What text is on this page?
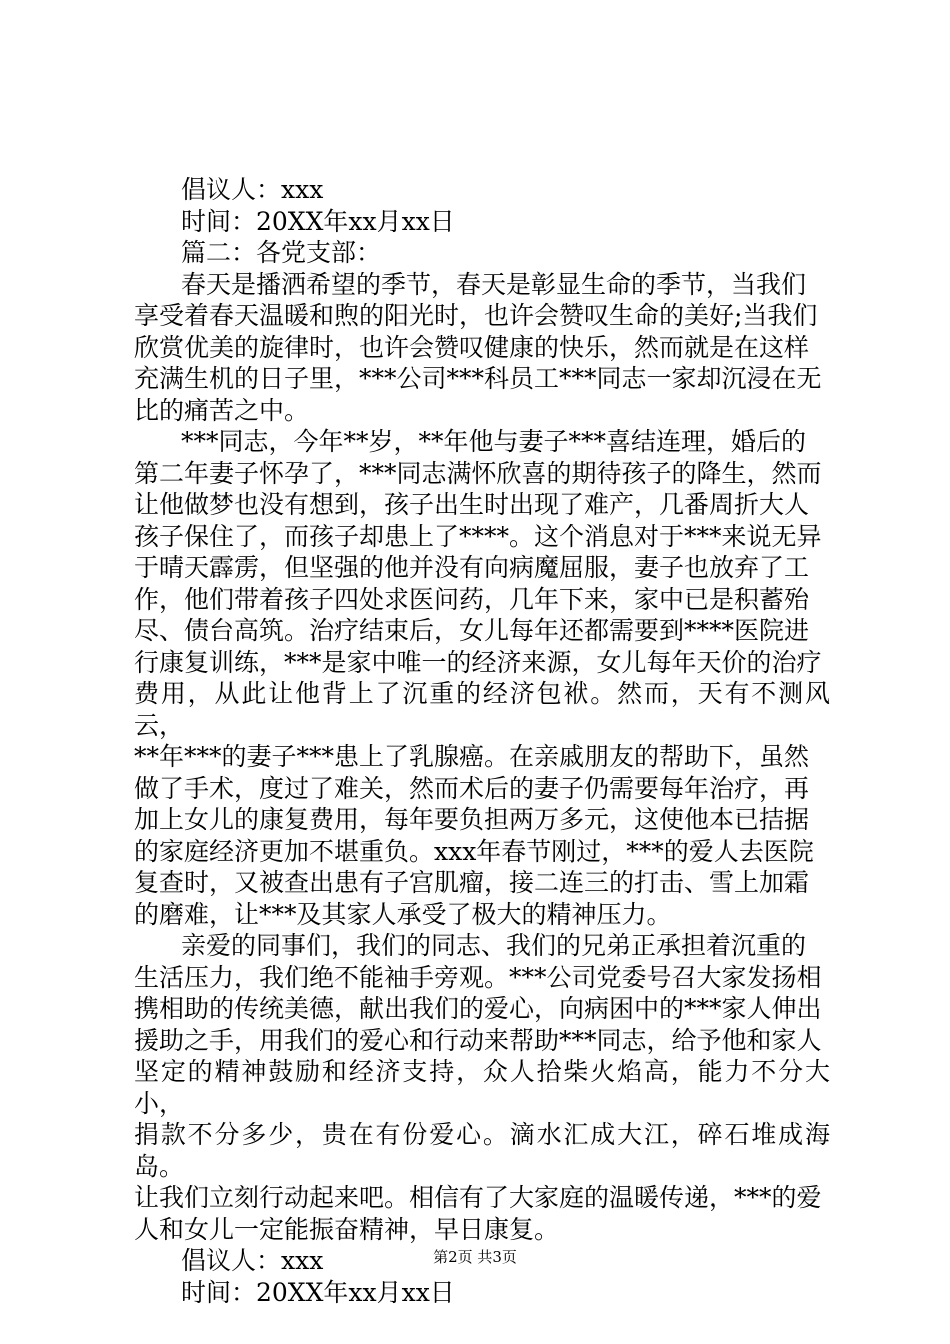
倡议人：xxx

时间：20XX年xx月xx日

篇二：各党支部：

春天是播洒希望的季节，春天是彰显生命的季节，当我们
享受着春天温暖和煦的阳光时，也许会赞叹生命的美好;当我们
欣赏优美的旋律时，也许会赞叹健康的快乐，然而就是在这样
充满生机的日子里，***公司***科员工***同志一家却沉浸在无
比的痛苦之中。
***同志，今年**岁，**年他与妻子***喜结连理，婚后的
第二年妻子怀孕了，***同志满怀欣喜的期待孩子的降生，然而
让他做梦也没有想到，孩子出生时出现了难产，几番周折大人
孩子保住了，而孩子却患上了****。这个消息对于***来说无异
于晴天霹雳，但坚强的他并没有向病魔屈服，妻子也放弃了工
作，他们带着孩子四处求医问药，几年下来，家中已是积蓄殆
尽、债台高筑。治疗结束后，女儿每年还都需要到****医院进
行康复训练，***是家中唯一的经济来源，女儿每年天价的治疗
费用，从此让他背上了沉重的经济包袱。然而，天有不测风云，
**年***的妻子***患上了乳腺癌。在亲戚朋友的帮助下，虽然
做了手术，度过了难关，然而术后的妻子仍需要每年治疗，再
加上女儿的康复费用，每年要负担两万多元，这使他本已拮据
的家庭经济更加不堪重负。xxx年春节刚过，***的爱人去医院
复查时，又被查出患有子宫肌瘤，接二连三的打击、雪上加霜
的磨难，让***及其家人承受了极大的精神压力。
亲爱的同事们，我们的同志、我们的兄弟正承担着沉重的
生活压力，我们绝不能袖手旁观。***公司党委号召大家发扬相
携相助的传统美德，献出我们的爱心，向病困中的***家人伸出
援助之手，用我们的爱心和行动来帮助***同志，给予他和家人
坚定的精神鼓励和经济支持，众人拾柴火焰高，能力不分大小，
捐款不分多少，贵在有份爱心。滴水汇成大江，碎石堆成海岛。
让我们立刻行动起来吧。相信有了大家庭的温暖传递，***的爱
人和女儿一定能振奋精神，早日康复。

倡议人：xxx

时间：20XX年xx月xx日

第2页 共3页
